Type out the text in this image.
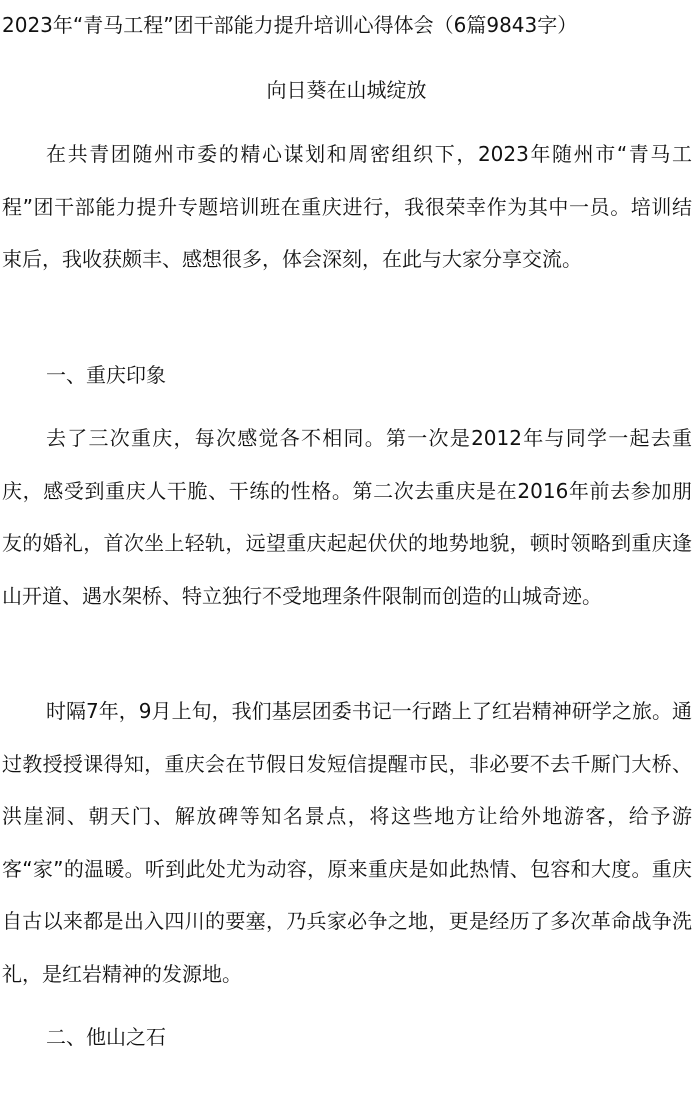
2023年“青马工程”团干部能力提升培训心得体会（6篇9843字）
向日葵在山城绽放

在共青团随州市委的精心谋划和周密组织下，2023年随州市“青马工程”团干部能力提升专题培训班在重庆进行，我很荣幸作为其中一员。培训结束后，我收获颇丰、感想很多，体会深刻，在此与大家分享交流。

一、重庆印象

去了三次重庆，每次感觉各不相同。第一次是2012年与同学一起去重庆，感受到重庆人干脆、干练的性格。第二次去重庆是在2016年前去参加朋友的婚礼，首次坐上轻轨，远望重庆起起伏伏的地势地貌，顿时领略到重庆逢山开道、遇水架桥、特立独行不受地理条件限制而创造的山城奇迹。

时隔7年，9月上旬，我们基层团委书记一行踏上了红岩精神研学之旅。通过教授授课得知，重庆会在节假日发短信提醒市民，非必要不去千厮门大桥、洪崖洞、朝天门、解放碑等知名景点，将这些地方让给外地游客，给予游客“家”的温暖。听到此处尤为动容，原来重庆是如此热情、包容和大度。重庆自古以来都是出入四川的要塞，乃兵家必争之地，更是经历了多次革命战争洗礼，是红岩精神的发源地。

二、他山之石
